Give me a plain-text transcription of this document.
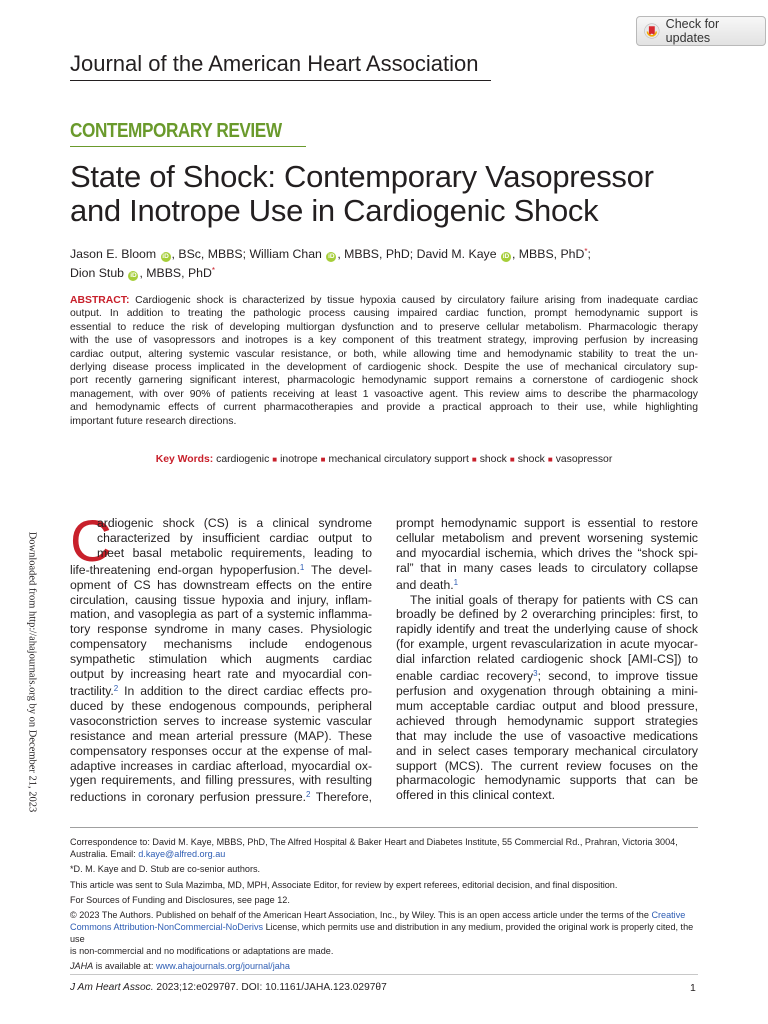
Check for updates
Journal of the American Heart Association
CONTEMPORARY REVIEW
State of Shock: Contemporary Vasopressor
and Inotrope Use in Cardiogenic Shock
Jason E. Bloom iD , BSc, MBBS; William Chan iD , MBBS, PhD; David M. Kaye iD , MBBS, PhD*;
Dion Stub iD , MBBS, PhD*
ABSTRACT: Cardiogenic shock is characterized by tissue hypoxia caused by circulatory failure arising from inadequate cardiac
output. In addition to treating the pathologic process causing impaired cardiac function, prompt hemodynamic support is
essential to reduce the risk of developing multiorgan dysfunction and to preserve cellular metabolism. Pharmacologic therapy
with the use of vasopressors and inotropes is a key component of this treatment strategy, improving perfusion by increasing
cardiac output, altering systemic vascular resistance, or both, while allowing time and hemodynamic stability to treat the un-
derlying disease process implicated in the development of cardiogenic shock. Despite the use of mechanical circulatory sup-
port recently garnering significant interest, pharmacologic hemodynamic support remains a cornerstone of cardiogenic shock
management, with over 90% of patients receiving at least 1 vasoactive agent. This review aims to describe the pharmacology
and hemodynamic effects of current pharmacotherapies and provide a practical approach to their use, while highlighting
important future research directions.
Key Words: cardiogenic ■ inotrope ■ mechanical circulatory support ■ shock ■ shock ■ vasopressor
Downloaded from http://ahajournals.org by on December 21, 2023 C
ardiogenic shock (CS) is a clinical syndrome
characterized by insufficient cardiac output to
meet basal metabolic requirements, leading to
life-threatening end-organ hypoperfusion.$^1$ The devel-
opment of CS has downstream effects on the entire
circulation, causing tissue hypoxia and injury, inflam-
mation, and vasoplegia as part of a systemic inflamma-
tory response syndrome in many cases. Physiologic
compensatory mechanisms include endogenous
sympathetic stimulation which augments cardiac
output by increasing heart rate and myocardial con-
tractility.$^2$ In addition to the direct cardiac effects pro-
duced by these endogenous compounds, peripheral
vasoconstriction serves to increase systemic vascular
resistance and mean arterial pressure (MAP). These
compensatory responses occur at the expense of mal-
adaptive increases in cardiac afterload, myocardial ox-
ygen requirements, and filling pressures, with resulting
reductions in coronary perfusion pressure.$^2$ Therefore,
prompt hemodynamic support is essential to restore
cellular metabolism and prevent worsening systemic
and myocardial ischemia, which drives the “shock spi-
ral” that in many cases leads to circulatory collapse
and death.$^1$
The initial goals of therapy for patients with CS can
broadly be defined by 2 overarching principles: first, to
rapidly identify and treat the underlying cause of shock
(for example, urgent revascularization in acute myocar-
dial infarction related cardiogenic shock [AMI-CS]) to
enable cardiac recovery$^3$; second, to improve tissue
perfusion and oxygenation through obtaining a mini-
mum acceptable cardiac output and blood pressure,
achieved through hemodynamic support strategies
that may include the use of vasoactive medications
and in select cases temporary mechanical circulatory
support (MCS). The current review focuses on the
pharmacologic hemodynamic supports that can be
offered in this clinical context.

Correspondence to: David M. Kaye, MBBS, PhD, The Alfred Hospital & Baker Heart and Diabetes Institute, 55 Commercial Rd., Prahran, Victoria 3004,
Australia. Email: d.kaye@alfred.org.au

*D. M. Kaye and D. Stub are co-senior authors.

This article was sent to Sula Mazimba, MD, MPH, Associate Editor, for review by expert referees, editorial decision, and final disposition.

For Sources of Funding and Disclosures, see page 12.

© 2023 The Authors. Published on behalf of the American Heart Association, Inc., by Wiley. This is an open access article under the terms of the Creative
Commons Attribution-NonCommercial-NoDerivs License, which permits use and distribution in any medium, provided the original work is properly cited, the use
is non-commercial and no modifications or adaptations are made.

JAHA is available at: www.ahajournals.org/journal/jaha

J Am Heart Assoc. 2023;12:e0297θ7. DOI: 10.1161/JAHA.123.0297θ7	1
